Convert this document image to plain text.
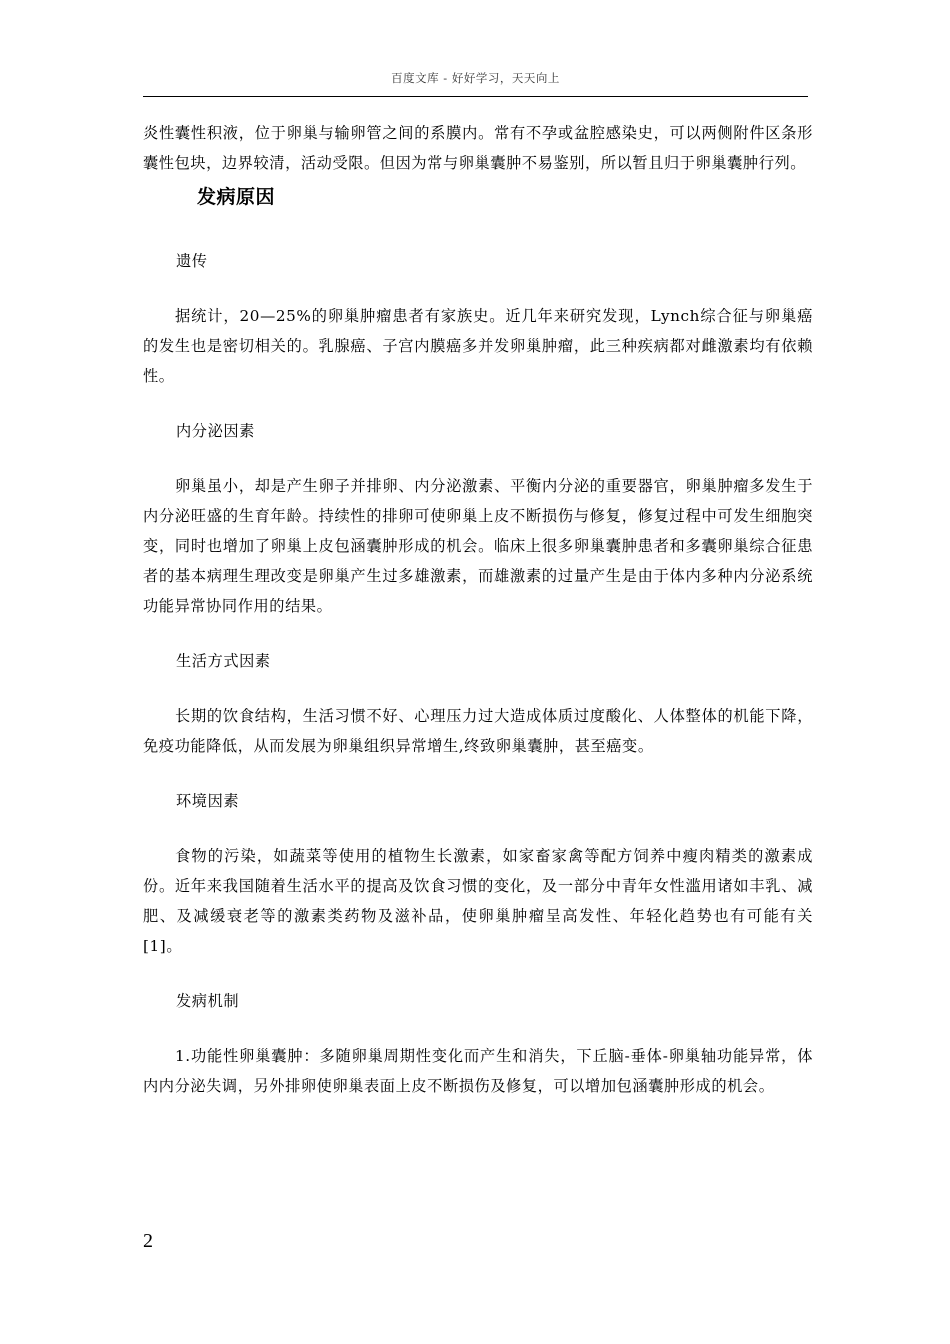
百度文库 - 好好学习，天天向上

炎性囊性积液，位于卵巢与输卵管之间的系膜内。常有不孕或盆腔感染史，可以两侧附件区条形囊性包块，边界较清，活动受限。但因为常与卵巢囊肿不易鉴别，所以暂且归于卵巢囊肿行列。

发病原因
遗传

据统计，20—25%的卵巢肿瘤患者有家族史。近几年来研究发现，Lynch综合征与卵巢癌的发生也是密切相关的。乳腺癌、子宫内膜癌多并发卵巢肿瘤，此三种疾病都对雌激素均有依赖性。

内分泌因素

卵巢虽小，却是产生卵子并排卵、内分泌激素、平衡内分泌的重要器官，卵巢肿瘤多发生于内分泌旺盛的生育年龄。持续性的排卵可使卵巢上皮不断损伤与修复，修复过程中可发生细胞突变，同时也增加了卵巢上皮包涵囊肿形成的机会。临床上很多卵巢囊肿患者和多囊卵巢综合征患者的基本病理生理改变是卵巢产生过多雄激素，而雄激素的过量产生是由于体内多种内分泌系统功能异常协同作用的结果。

生活方式因素

长期的饮食结构，生活习惯不好、心理压力过大造成体质过度酸化、人体整体的机能下降，免疫功能降低，从而发展为卵巢组织异常增生,终致卵巢囊肿，甚至癌变。

环境因素

食物的污染，如蔬菜等使用的植物生长激素，如家畜家禽等配方饲养中瘦肉精类的激素成份。近年来我国随着生活水平的提高及饮食习惯的变化，及一部分中青年女性滥用诸如丰乳、减肥、及减缓衰老等的激素类药物及滋补品，使卵巢肿瘤呈高发性、年轻化趋势也有可能有关[1]。

发病机制

1.功能性卵巢囊肿：多随卵巢周期性变化而产生和消失，下丘脑-垂体-卵巢轴功能异常，体内内分泌失调，另外排卵使卵巢表面上皮不断损伤及修复，可以增加包涵囊肿形成的机会。

2
